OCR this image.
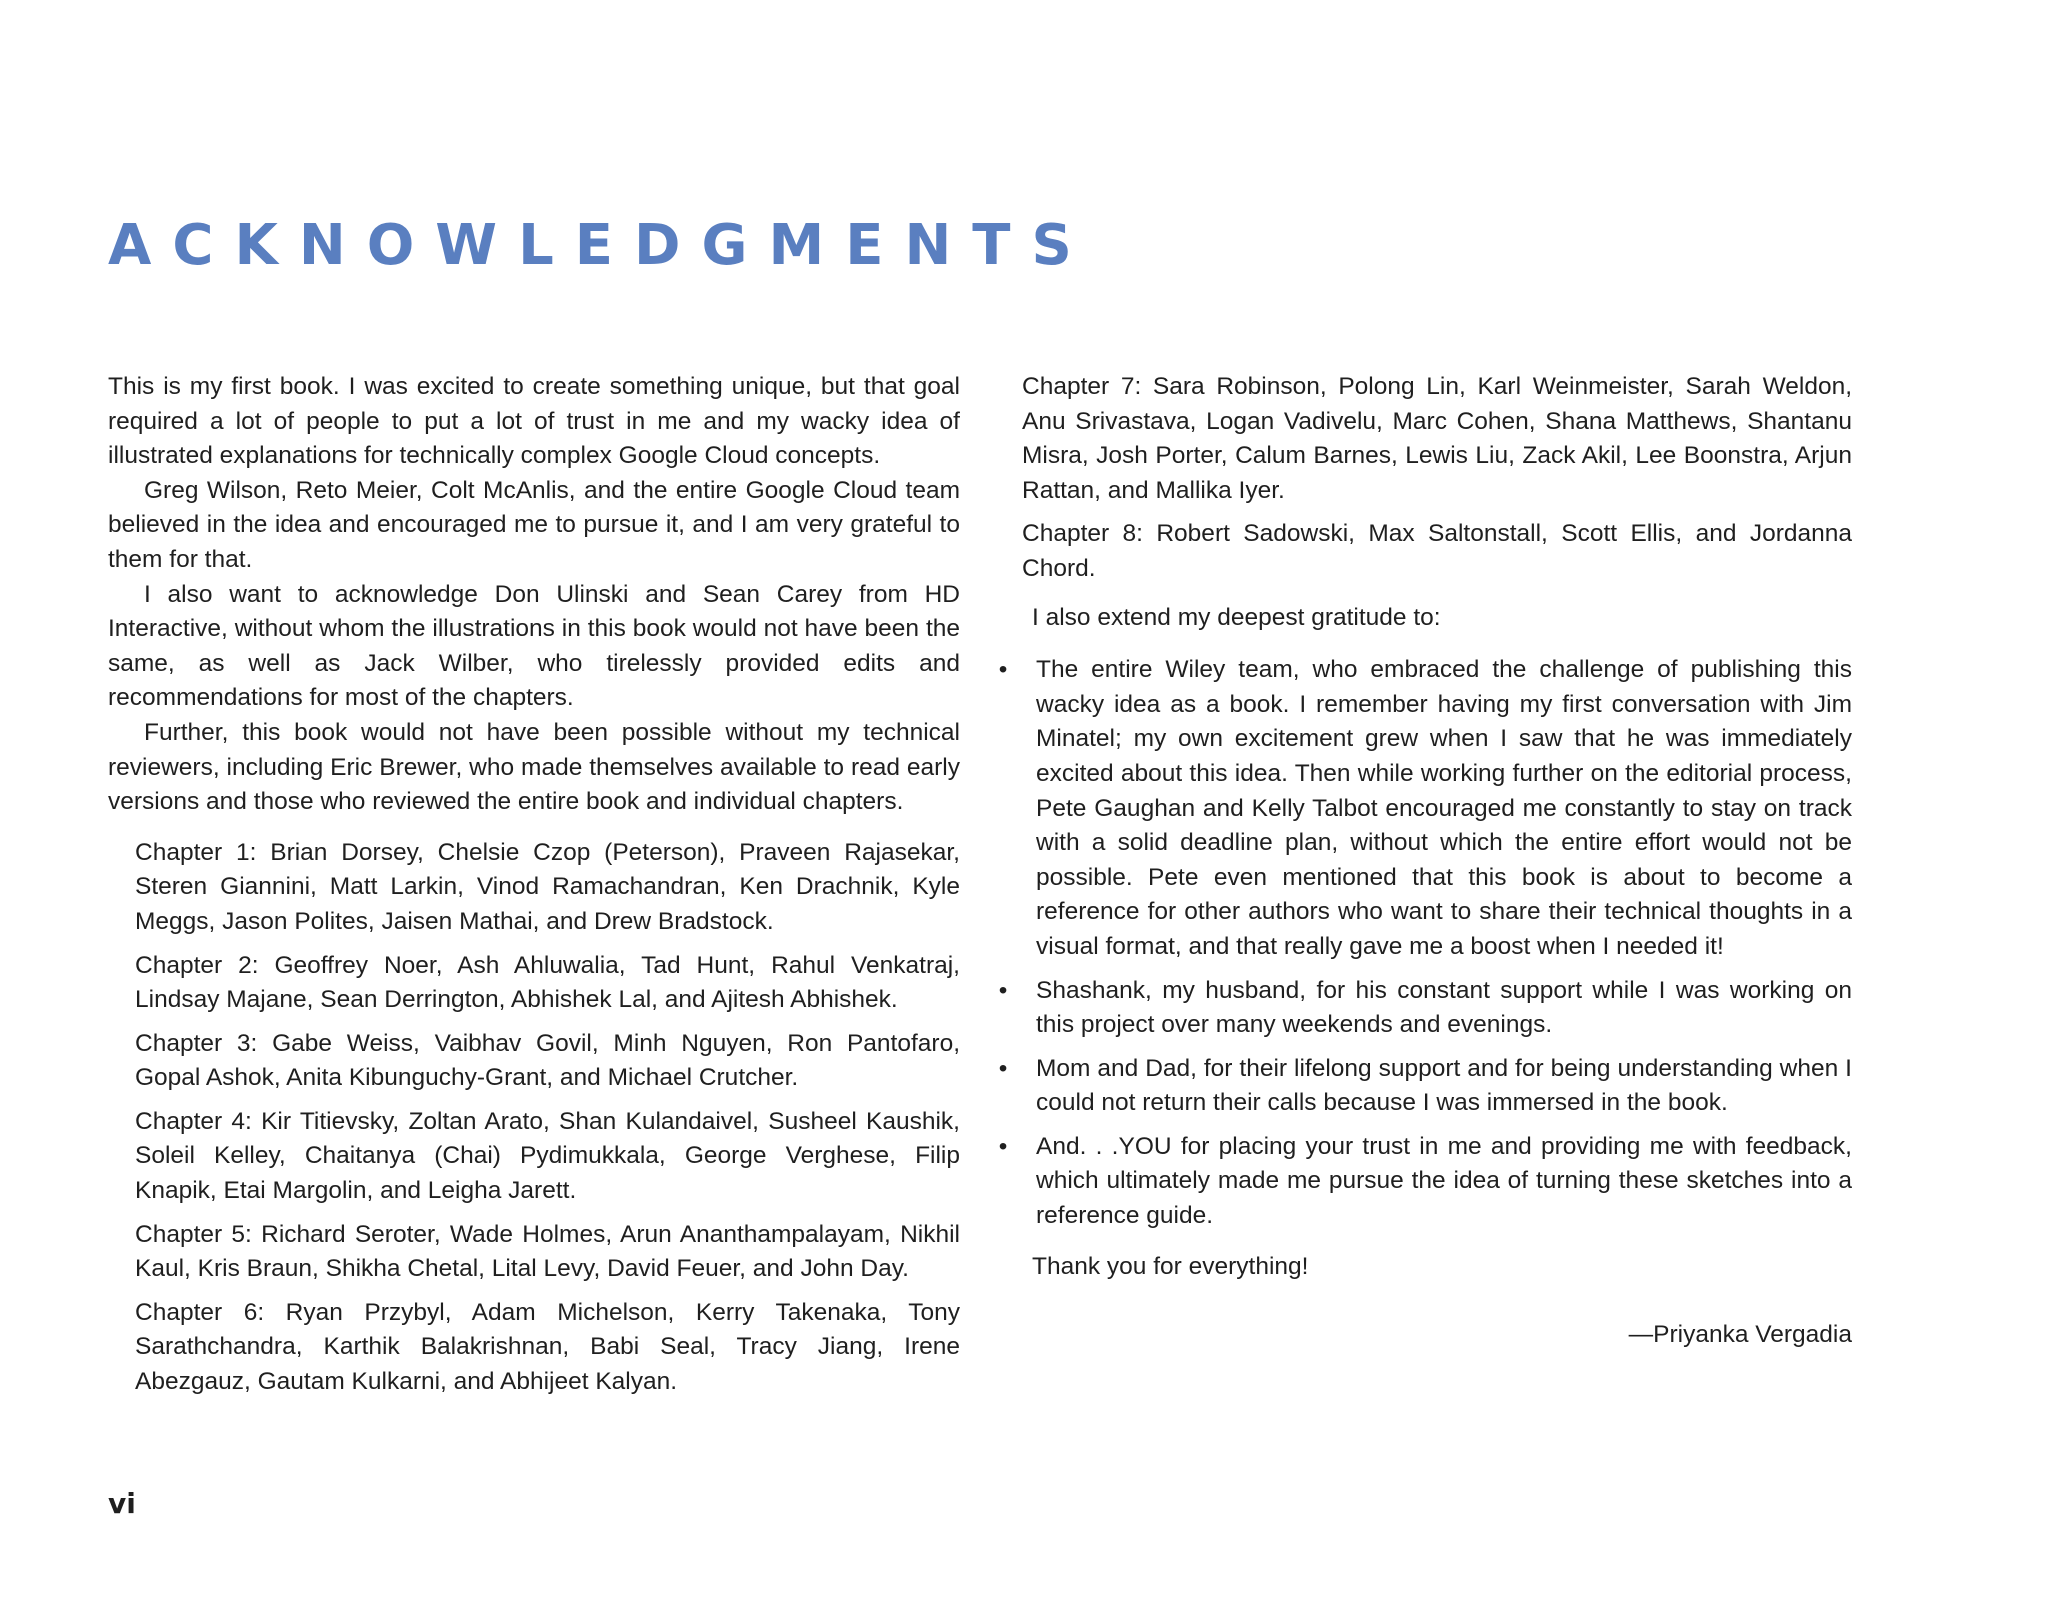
ACKNOWLEDGMENTS

This is my first book. I was excited to create something unique, but that goal required a lot of people to put a lot of trust in me and my wacky idea of illustrated explanations for technically complex Google Cloud concepts.

Greg Wilson, Reto Meier, Colt McAnlis, and the entire Google Cloud team believed in the idea and encouraged me to pursue it, and I am very grateful to them for that.

I also want to acknowledge Don Ulinski and Sean Carey from HD Interactive, without whom the illustrations in this book would not have been the same, as well as Jack Wilber, who tirelessly provided edits and recommendations for most of the chapters.

Further, this book would not have been possible without my technical reviewers, including Eric Brewer, who made themselves available to read early versions and those who reviewed the entire book and individual chapters.

Chapter 1: Brian Dorsey, Chelsie Czop (Peterson), Praveen Rajasekar, Steren Giannini, Matt Larkin, Vinod Ramachandran, Ken Drachnik, Kyle Meggs, Jason Polites, Jaisen Mathai, and Drew Bradstock.

Chapter 2: Geoffrey Noer, Ash Ahluwalia, Tad Hunt, Rahul Venkatraj, Lindsay Majane, Sean Derrington, Abhishek Lal, and Ajitesh Abhishek.

Chapter 3: Gabe Weiss, Vaibhav Govil, Minh Nguyen, Ron Pantofaro, Gopal Ashok, Anita Kibunguchy-Grant, and Michael Crutcher.

Chapter 4: Kir Titievsky, Zoltan Arato, Shan Kulandaivel, Susheel Kaushik, Soleil Kelley, Chaitanya (Chai) Pydimukkala, George Verghese, Filip Knapik, Etai Margolin, and Leigha Jarett.

Chapter 5: Richard Seroter, Wade Holmes, Arun Ananthampalayam, Nikhil Kaul, Kris Braun, Shikha Chetal, Lital Levy, David Feuer, and John Day.

Chapter 6: Ryan Przybyl, Adam Michelson, Kerry Takenaka, Tony Sarathchandra, Karthik Balakrishnan, Babi Seal, Tracy Jiang, Irene Abezgauz, Gautam Kulkarni, and Abhijeet Kalyan.

Chapter 7: Sara Robinson, Polong Lin, Karl Weinmeister, Sarah Weldon, Anu Srivastava, Logan Vadivelu, Marc Cohen, Shana Matthews, Shantanu Misra, Josh Porter, Calum Barnes, Lewis Liu, Zack Akil, Lee Boonstra, Arjun Rattan, and Mallika Iyer.

Chapter 8: Robert Sadowski, Max Saltonstall, Scott Ellis, and Jordanna Chord.

I also extend my deepest gratitude to:

• The entire Wiley team, who embraced the challenge of publishing this wacky idea as a book. I remember having my first conversation with Jim Minatel; my own excitement grew when I saw that he was immediately excited about this idea. Then while working further on the editorial process, Pete Gaughan and Kelly Talbot encouraged me constantly to stay on track with a solid deadline plan, without which the entire effort would not be possible. Pete even mentioned that this book is about to become a reference for other authors who want to share their technical thoughts in a visual format, and that really gave me a boost when I needed it!
• Shashank, my husband, for his constant support while I was working on this project over many weekends and evenings.
• Mom and Dad, for their lifelong support and for being understanding when I could not return their calls because I was immersed in the book.
• And. . .YOU for placing your trust in me and providing me with feedback, which ultimately made me pursue the idea of turning these sketches into a reference guide.

Thank you for everything!

—Priyanka Vergadia

vi
